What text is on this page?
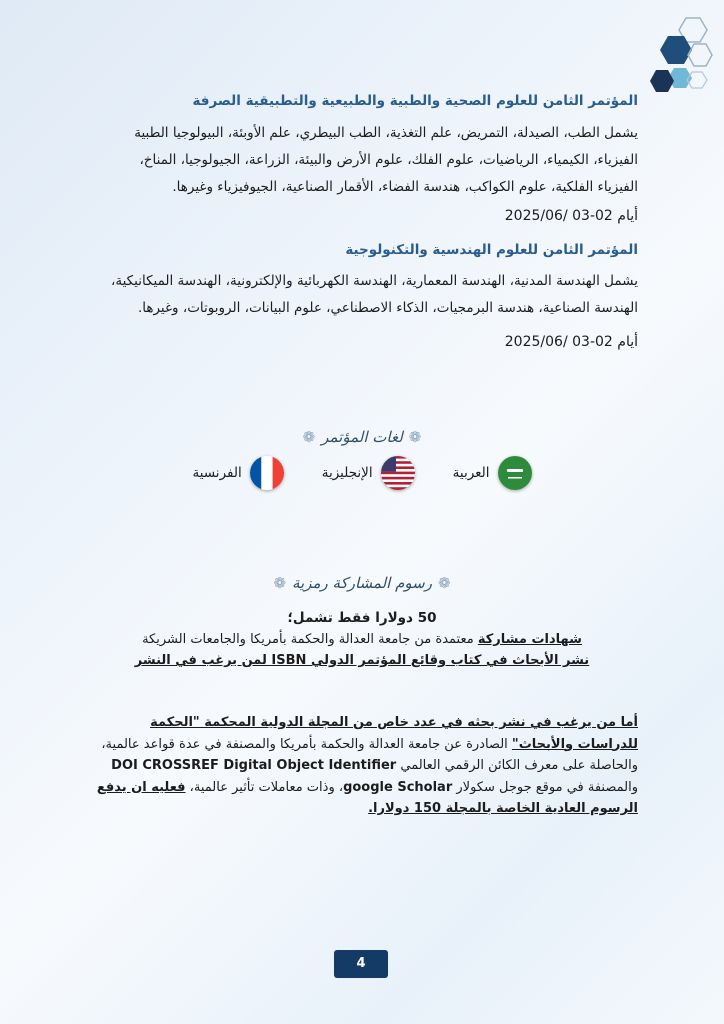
المؤتمر الثامن للعلوم الصحية والطبية والطبيعية والتطبيقية الصرفة
يشمل الطب، الصيدلة، التمريض، علم التغذية، الطب البيطري، علم الأوبئة، البيولوجيا الطبية
الفيزياء، الكيمياء، الرياضيات، علوم الفلك، علوم الأرض والبيئة، الزراعة، الجيولوجيا، المناخ،
الفيزياء الفلكية، علوم الكواكب، هندسة الفضاء، الأقمار الصناعية، الجيوفيزياء وغيرها.
أيام 02-03 /2025/06
المؤتمر الثامن للعلوم الهندسية والتكنولوجية
يشمل الهندسة المدنية، الهندسة المعمارية، الهندسة الكهربائية والإلكترونية، الهندسة الميكانيكية،
الهندسة الصناعية، هندسة البرمجيات، الذكاء الاصطناعي، علوم البيانات، الروبوتات، وغيرها.
أيام 02-03 /2025/06
❁لغات المؤتمر❁
العربية
الإنجليزية
الفرنسية
❁رسوم المشاركة رمزية❁
50 دولارا فقط تشمل؛
شهادات مشاركة معتمدة من جامعة العدالة والحكمة بأمريكا والجامعات الشريكة
نشر الأبحاث في كتاب وقائع المؤتمر الدولي ISBN لمن يرغب في النشر
أما من يرغب في نشر بحثه في عدد خاص من المجلة الدولية المحكمة "الحكمة للدراسات والأبحاث" الصادرة عن جامعة العدالة والحكمة بأمريكا والمصنفة في عدة قواعد عالمية، والحاصلة على معرف الكائن الرقمي العالمي DOI CROSSREF Digital Object Identifier والمصنفة في موقع جوجل سكولار google Scholar، وذات معاملات تأثير عالمية، فعليه ان يدفع الرسوم العادية الخاصة بالمجلة 150 دولارا.
4
